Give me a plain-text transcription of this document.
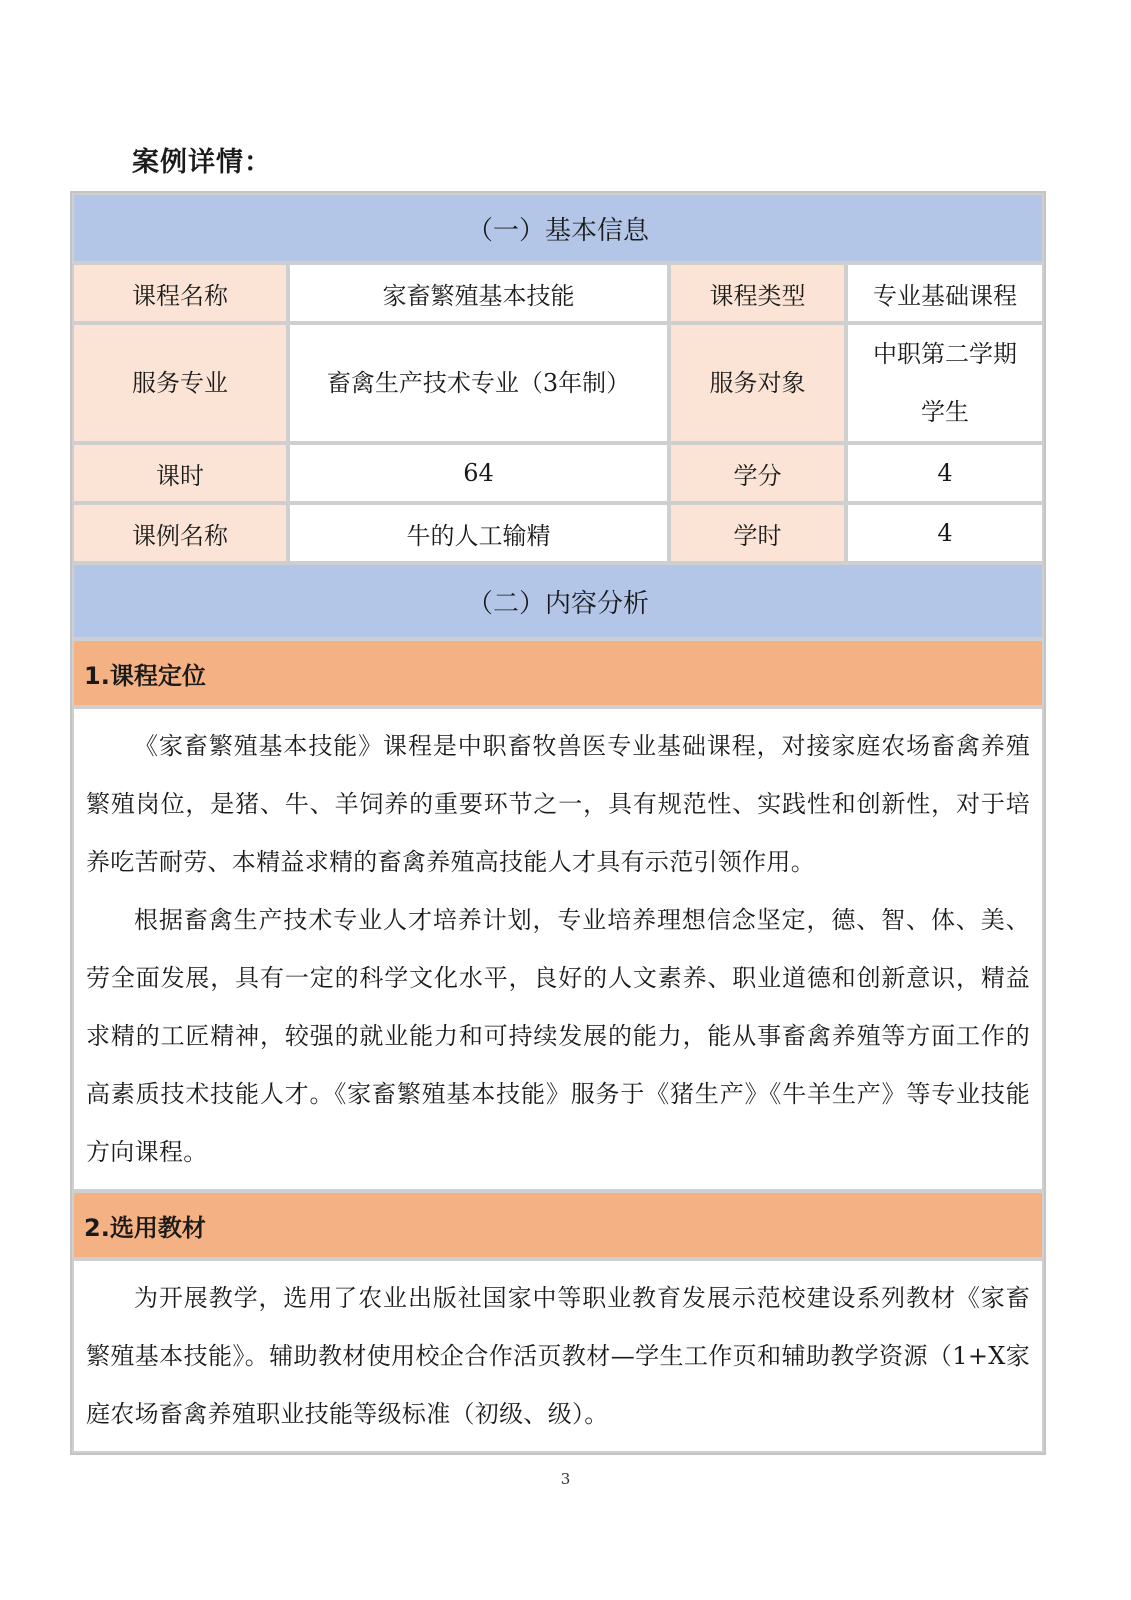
案例详情：
（一）基本信息			
课程名称	家畜繁殖基本技能	课程类型	专业基础课程
服务专业	畜禽生产技术专业（3年制）	服务对象	中职第二学期学生
课时	64	学分	4
课例名称	牛的人工输精	学时	4
（二）内容分析			
1.课程定位			

《家畜繁殖基本技能》课程是中职畜牧兽医专业基础课程，对接家庭农场畜禽养殖繁殖岗位，是猪、牛、羊饲养的重要环节之一，具有规范性、实践性和创新性，对于培养吃苦耐劳、本精益求精的畜禽养殖高技能人才具有示范引领作用。

根据畜禽生产技术专业人才培养计划，专业培养理想信念坚定，德、智、体、美、劳全面发展，具有一定的科学文化水平，良好的人文素养、职业道德和创新意识，精益求精的工匠精神，较强的就业能力和可持续发展的能力，能从事畜禽养殖等方面工作的高素质技术技能人才。《家畜繁殖基本技能》服务于《猪生产》《牛羊生产》等专业技能方向课程。			

2.选用教材			

为开展教学，选用了农业出版社国家中等职业教育发展示范校建设系列教材《家畜繁殖基本技能》。辅助教材使用校企合作活页教材—学生工作页和辅助教学资源（1+X家庭农场畜禽养殖职业技能等级标准（初级、级）。			

3
